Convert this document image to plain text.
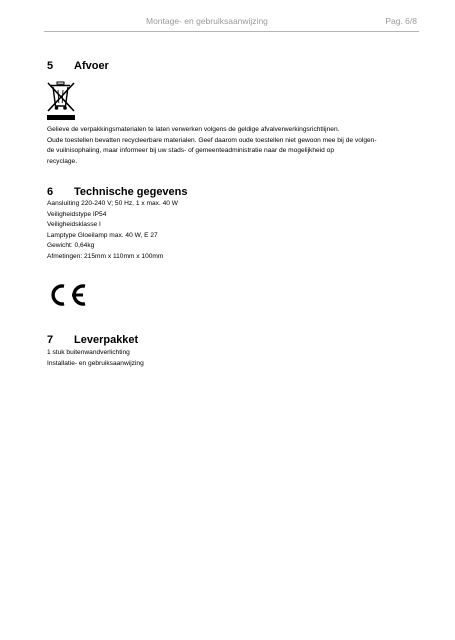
Montage- en gebruiksaanwijzing	Pag. 6/8
5 Afvoer

Gelieve de verpakkingsmaterialen te laten verwerken volgens de geldige afvalverwerkingsrichtlijnen.

Oude toestellen bevatten recycleerbare materialen. Geef daarom oude toestellen niet gewoon mee bij de volgen-

de vuilnisophaling, maar informeer bij uw stads- of gemeenteadministratie naar de mogelijkheid op

recyclage.

6 Technische gegevens

Aansluiting 220-240 V; 50 Hz, 1 x max. 40 W

Veiligheidstype IP54

Veiligheidsklasse I

Lamptype Gloeilamp max. 40 W, E 27

Gewicht: 0,64kg

Afmetingen: 215mm x 110mm x 100mm

7 Leverpakket

1 stuk buitenwandverlichting

Installatie- en gebruiksaanwijzing
